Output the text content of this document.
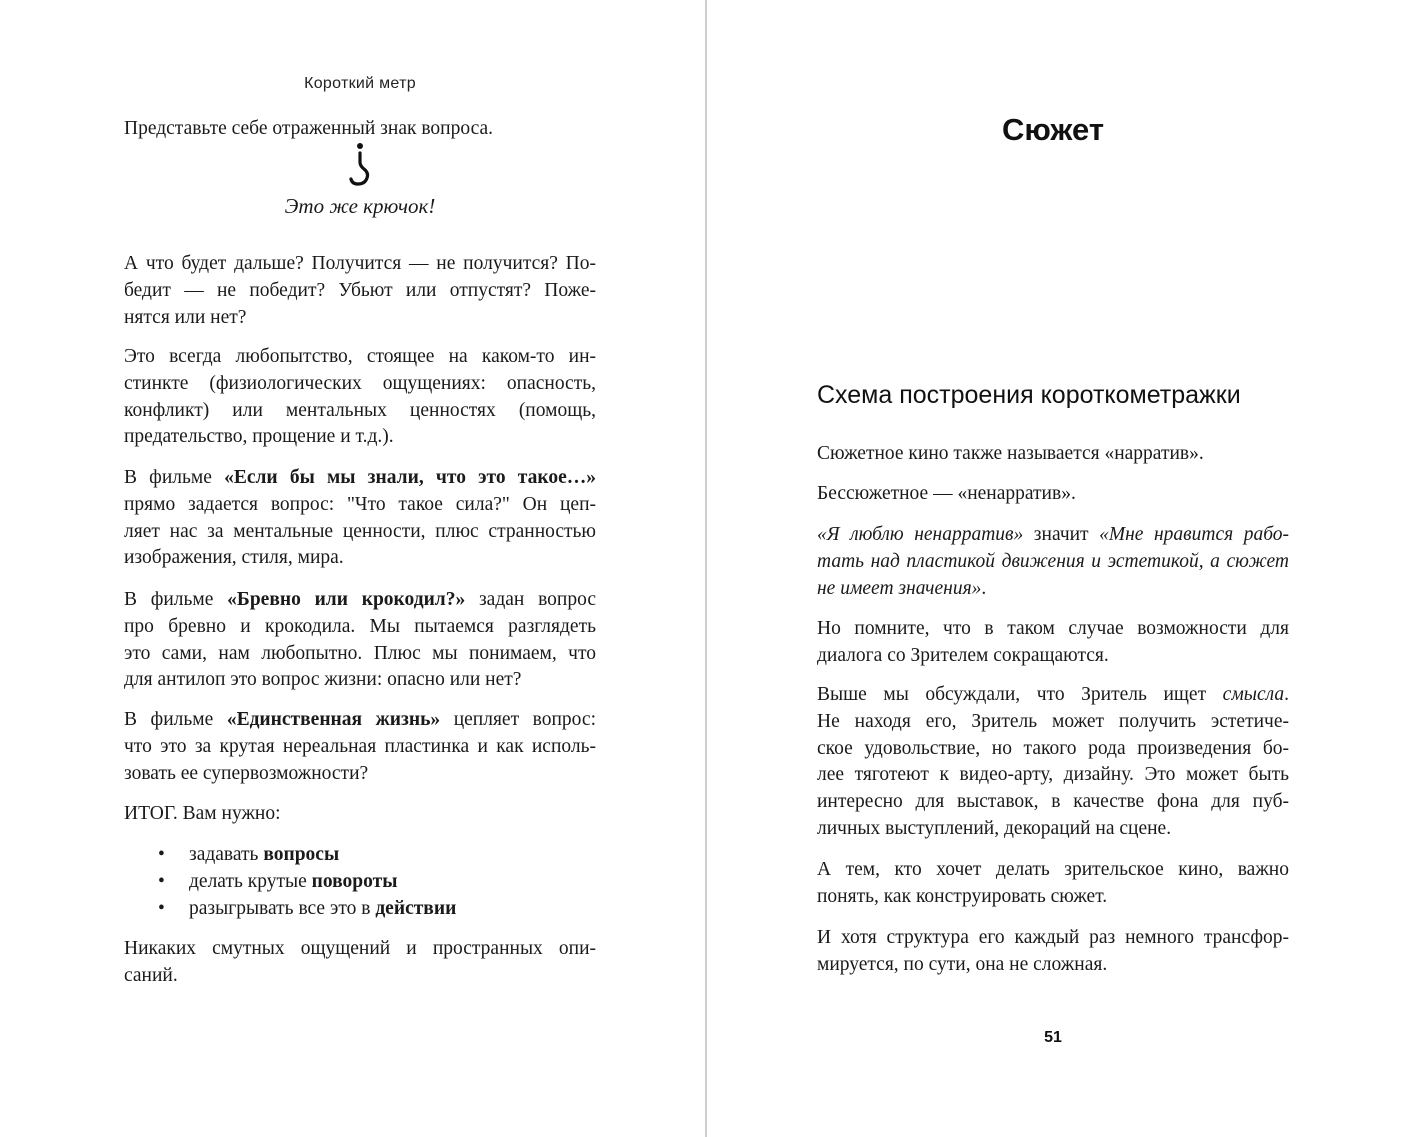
Короткий метр

Представьте себе отраженный знак вопроса.

Это же крючок!
А что будет дальше? Получится — не получится? По-
бедит — не победит? Убьют или отпустят? Поже-
нятся или нет?
Это всегда любопытство, стоящее на каком-то ин-
стинкте (физиологических ощущениях: опасность,
конфликт) или ментальных ценностях (помощь,
предательство, прощение и т.д.).
В фильме «Если бы мы знали, что это такое…»
прямо задается вопрос: "Что такое сила?" Он цеп-
ляет нас за ментальные ценности, плюс странностью
изображения, стиля, мира.
В фильме «Бревно или крокодил?» задан вопрос
про бревно и крокодила. Мы пытаемся разглядеть
это сами, нам любопытно. Плюс мы понимаем, что
для антилоп это вопрос жизни: опасно или нет?
В фильме «Единственная жизнь» цепляет вопрос:
что это за крутая нереальная пластинка и как исполь-
зовать ее супервозможности?

ИТОГ. Вам нужно:

• задавать вопросы
• делать крутые повороты
• разыгрывать все это в действии
Никаких смутных ощущений и пространных опи-
саний.
Сюжет
Схема построения короткометражки

Сюжетное кино также называется «нарратив».

Бессюжетное — «ненарратив».

«Я люблю ненарратив» значит «Мне нравится рабо-
тать над пластикой движения и эстетикой, а сюжет
не имеет значения».
Но помните, что в таком случае возможности для
диалога со Зрителем сокращаются.
Выше мы обсуждали, что Зритель ищет смысла.
Не находя его, Зритель может получить эстетиче-
ское удовольствие, но такого рода произведения бо-
лее тяготеют к видео-арту, дизайну. Это может быть
интересно для выставок, в качестве фона для пуб-
личных выступлений, декораций на сцене.
А тем, кто хочет делать зрительское кино, важно
понять, как конструировать сюжет.
И хотя структура его каждый раз немного трансфор-
мируется, по сути, она не сложная.
51
